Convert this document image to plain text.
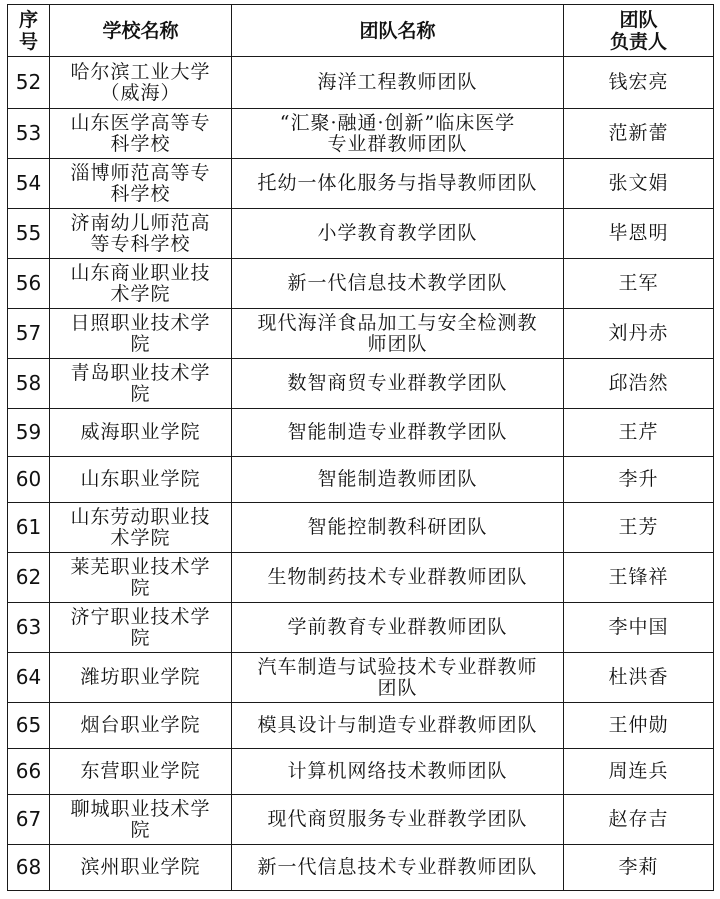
序
号	学校名称	团队名称	团队
负责人

52	哈尔滨工业大学
（威海）	海洋工程教师团队	钱宏亮

53	山东医学高等专
科学校	“汇聚·融通·创新”临床医学
专业群教师团队	范新蕾

54	淄博师范高等专
科学校	托幼一体化服务与指导教师团队	张文娟

55	济南幼儿师范高
等专科学校	小学教育教学团队	毕恩明

56	山东商业职业技
术学院	新一代信息技术教学团队	王军

57	日照职业技术学
院	现代海洋食品加工与安全检测教
师团队	刘丹赤

58	青岛职业技术学
院	数智商贸专业群教学团队	邱浩然

59	威海职业学院	智能制造专业群教学团队	王芹

60	山东职业学院	智能制造教师团队	李升

61	山东劳动职业技
术学院	智能控制教科研团队	王芳

62	莱芜职业技术学
院	生物制药技术专业群教师团队	王锋祥

63	济宁职业技术学
院	学前教育专业群教师团队	李中国

64	潍坊职业学院	汽车制造与试验技术专业群教师
团队	杜洪香

65	烟台职业学院	模具设计与制造专业群教师团队	王仲勋

66	东营职业学院	计算机网络技术教师团队	周连兵

67	聊城职业技术学
院	现代商贸服务专业群教学团队	赵存吉

68	滨州职业学院	新一代信息技术专业群教师团队	李莉
